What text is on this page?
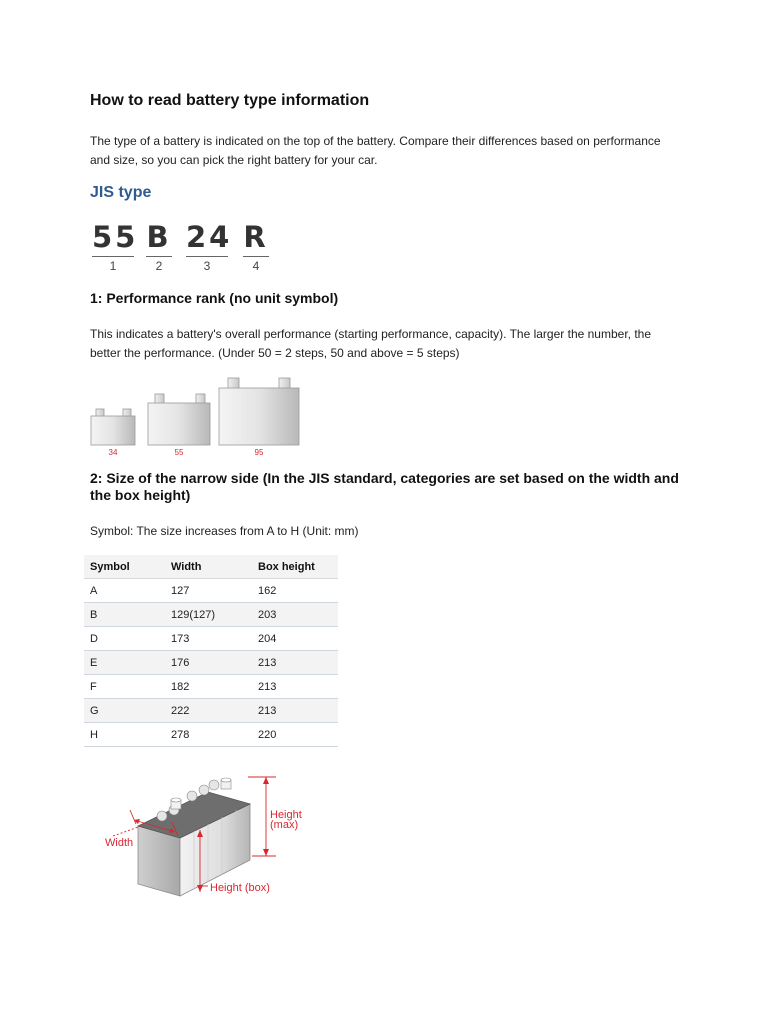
How to read battery type information

The type of a battery is indicated on the top of the battery. Compare their differences based on performance and size, so you can pick the right battery for your car.

JIS type
55
1
B
2
24
3
R
4
1: Performance rank (no unit symbol)

This indicates a battery's overall performance (starting performance, capacity). The larger the number, the better the performance. (Under 50 = 2 steps, 50 and above = 5 steps)

34	55	95
2: Size of the narrow side (In the JIS standard, categories are set based on the width and the box height)

Symbol: The size increases from A to H (Unit: mm)

Symbol	Width	Box height
A	127	162
B	129(127)	203
D	173	204
E	176	213
F	182	213
G	222	213
H	278	220
Width
Height
(max)
Height (box)
